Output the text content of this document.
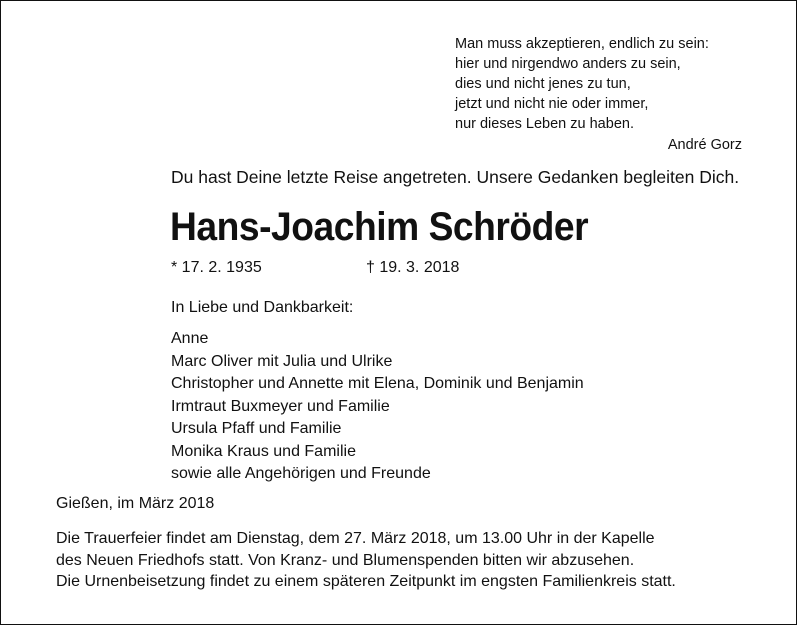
Man muss akzeptieren, endlich zu sein:
hier und nirgendwo anders zu sein,
dies und nicht jenes zu tun,
jetzt und nicht nie oder immer,
nur dieses Leben zu haben.
André Gorz
Du hast Deine letzte Reise angetreten. Unsere Gedanken begleiten Dich.
Hans-Joachim Schröder
* 17. 2. 1935	† 19. 3. 2018
In Liebe und Dankbarkeit:
Anne
Marc Oliver mit Julia und Ulrike
Christopher und Annette mit Elena, Dominik und Benjamin
Irmtraut Buxmeyer und Familie
Ursula Pfaff und Familie
Monika Kraus und Familie
sowie alle Angehörigen und Freunde
Gießen, im März 2018
Die Trauerfeier findet am Dienstag, dem 27. März 2018, um 13.00 Uhr in der Kapelle
des Neuen Friedhofs statt. Von Kranz- und Blumenspenden bitten wir abzusehen.
Die Urnenbeisetzung findet zu einem späteren Zeitpunkt im engsten Familienkreis statt.
